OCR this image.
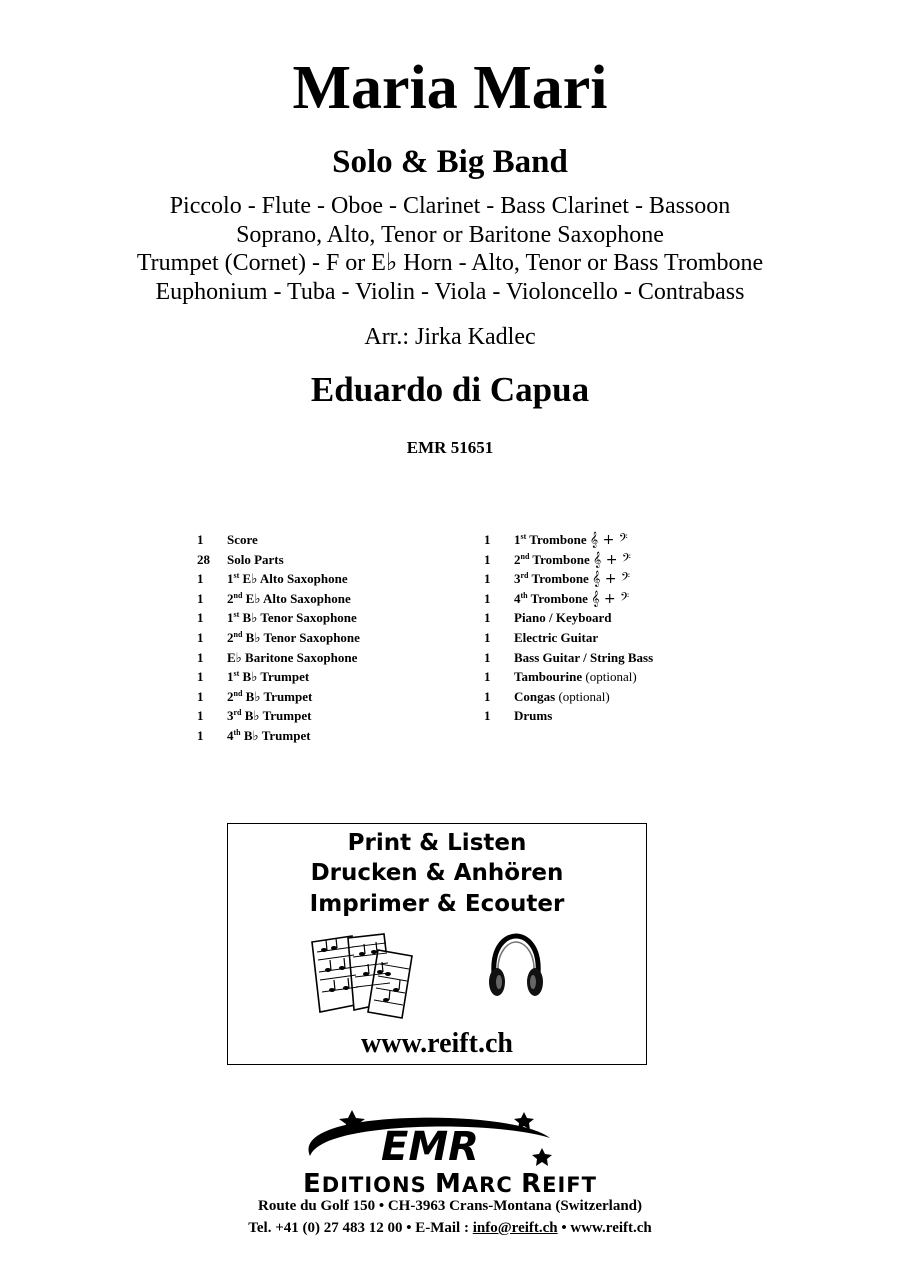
Maria Mari
Solo & Big Band
Piccolo - Flute - Oboe - Clarinet - Bass Clarinet - Bassoon
Soprano, Alto, Tenor or Baritone Saxophone
Trumpet (Cornet) - F or E♭ Horn - Alto, Tenor or Bass Trombone
Euphonium - Tuba - Violin - Viola - Violoncello - Contrabass
Arr.: Jirka Kadlec
Eduardo di Capua
EMR 51651
1 Score
28 Solo Parts
1 1st E♭ Alto Saxophone
1 2nd E♭ Alto Saxophone
1 1st B♭ Tenor Saxophone
1 2nd B♭ Tenor Saxophone
1 E♭ Baritone Saxophone
1 1st B♭ Trumpet
1 2nd B♭ Trumpet
1 3rd B♭ Trumpet
1 4th B♭ Trumpet
1 1st Trombone 𝄞 + 𝄢
1 2nd Trombone 𝄞 + 𝄢
1 3rd Trombone 𝄞 + 𝄢
1 4th Trombone 𝄞 + 𝄢
1 Piano / Keyboard
1 Electric Guitar
1 Bass Guitar / String Bass
1 Tambourine (optional)
1 Congas (optional)
1 Drums
Print & Listen
Drucken & Anhören
Imprimer & Ecouter
www.reift.ch
EMR
EDITIONS MARC REIFT
Route du Golf 150 • CH-3963 Crans-Montana (Switzerland)
Tel. +41 (0) 27 483 12 00 • E-Mail : info@reift.ch • www.reift.ch
